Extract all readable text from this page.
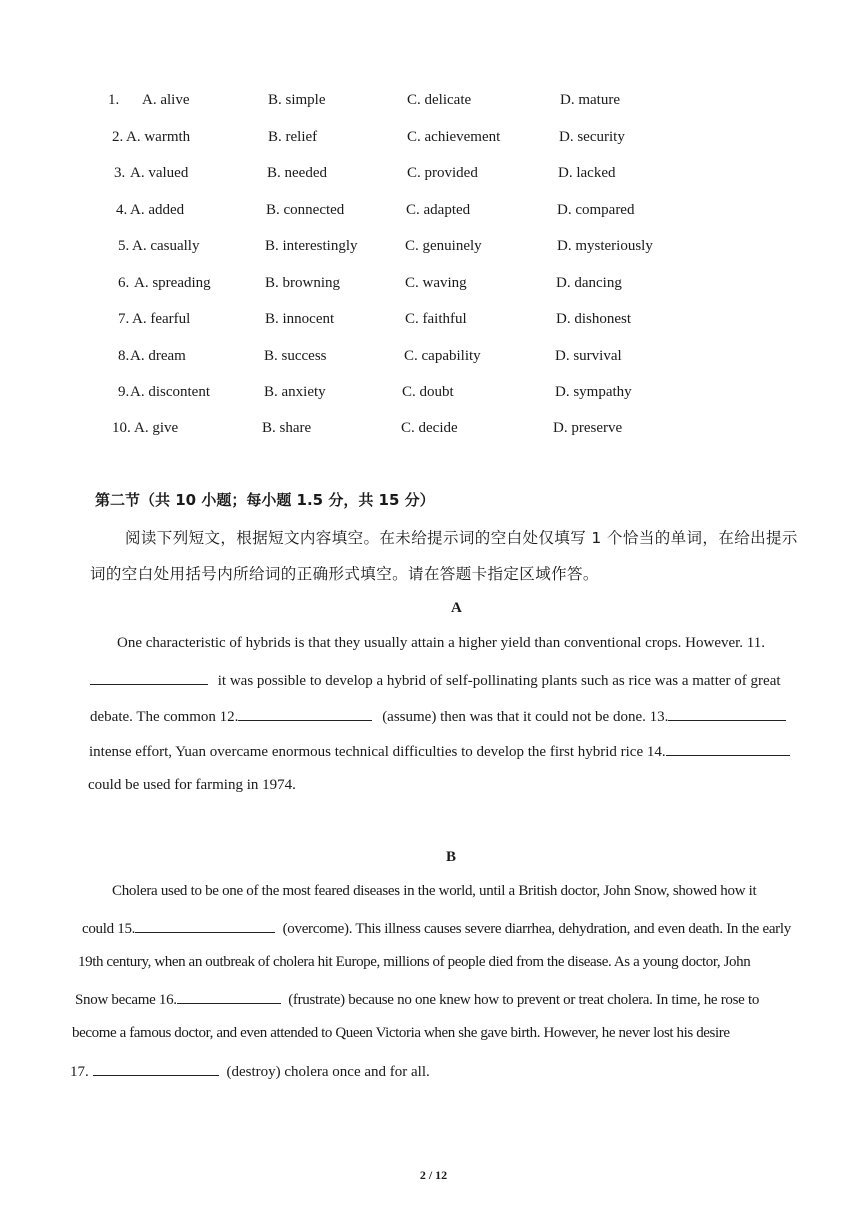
1. A. alive	B. simple	C. delicate	D. mature
2. A. warmth	B. relief	C. achievement	D. security
3. A. valued	B. needed	C. provided	D. lacked
4. A. added	B. connected	C. adapted	D. compared
5. A. casually	B. interestingly	C. genuinely	D. mysteriously
6. A. spreading	B. browning	C. waving	D. dancing
7. A. fearful	B. innocent	C. faithful	D. dishonest
8. A. dream	B. success	C. capability	D. survival
9. A. discontent	B. anxiety	C. doubt	D. sympathy
10. A. give	B. share	C. decide	D. preserve
第二节（共 10 小题；每小题 1.5 分，共 15 分）
阅读下列短文，根据短文内容填空。在未给提示词的空白处仅填写 1 个恰当的单词，在给出提示
词的空白处用括号内所给词的正确形式填空。请在答题卡指定区域作答。
A
One characteristic of hybrids is that they usually attain a higher yield than conventional crops. However. 11.
it was possible to develop a hybrid of self-pollinating plants such as rice was a matter of great
debate. The common 12.	(assume) then was that it could not be done. 13.
intense effort, Yuan overcame enormous technical difficulties to develop the first hybrid rice 14.
could be used for farming in 1974.
B
Cholera used to be one of the most feared diseases in the world, until a British doctor, John Snow, showed how it
could 15.	(overcome). This illness causes severe diarrhea, dehydration, and even death. In the early
19th century, when an outbreak of cholera hit Europe, millions of people died from the disease. As a young doctor, John
Snow became 16.	(frustrate) because no one knew how to prevent or treat cholera. In time, he rose to
become a famous doctor, and even attended to Queen Victoria when she gave birth. However, he never lost his desire
17.	(destroy) cholera once and for all.
2 / 12
